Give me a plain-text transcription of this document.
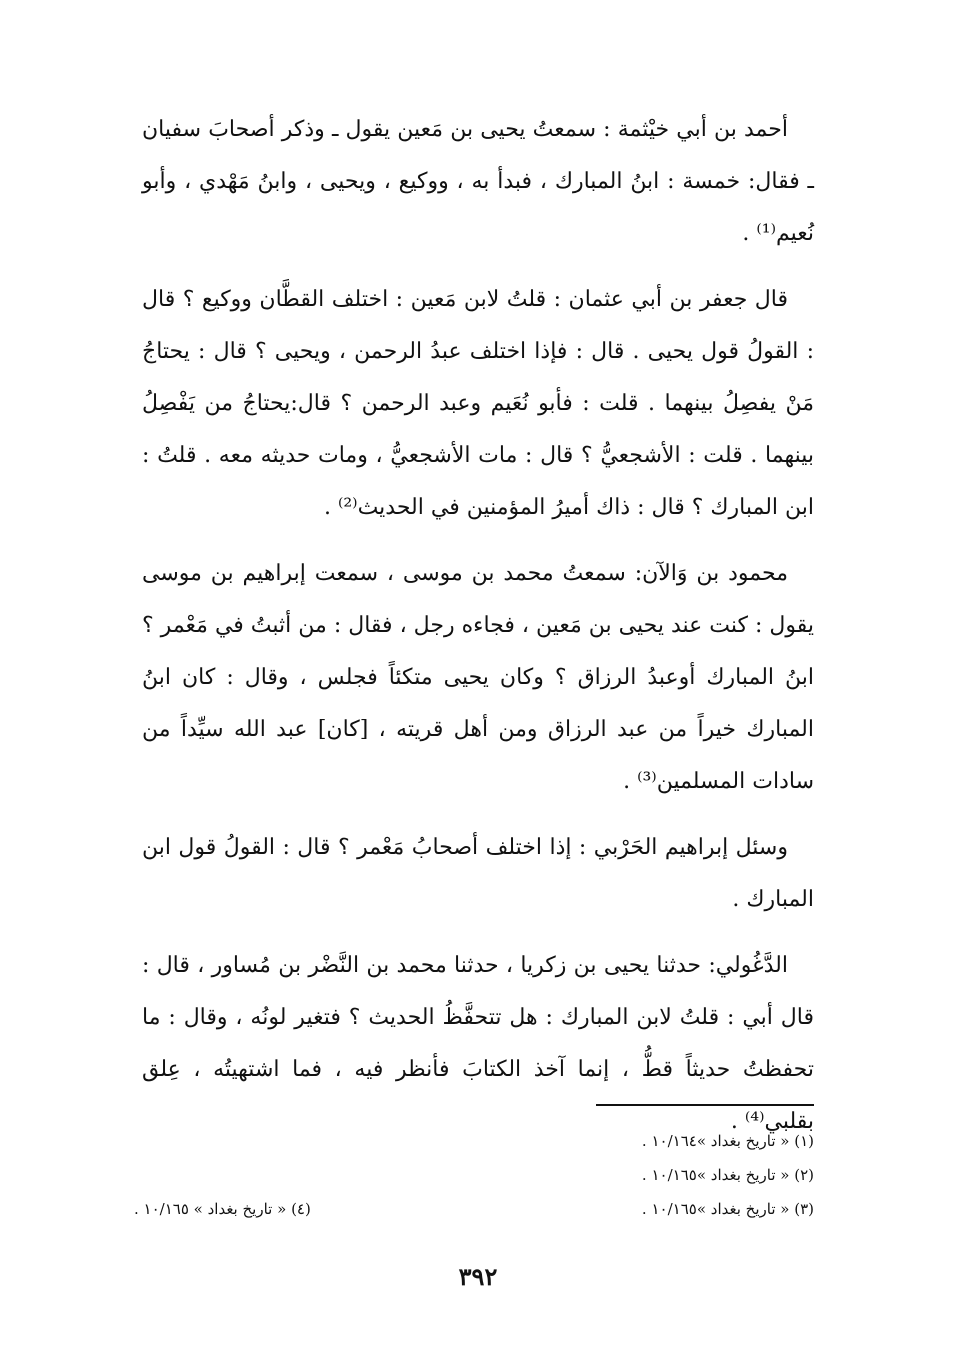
أحمد بن أبي خيْثمة : سمعتُ يحيى بن مَعين يقول ـ وذكر أصحابَ سفيان ـ فقال: خمسة : ابنُ المبارك ، فبدأ به ، ووكيع ، ويحيى ، وابنُ مَهْدي ، وأبو نُعيم⁽¹⁾ .

قال جعفر بن أبي عثمان : قلتُ لابن مَعين : اختلف القطَّان ووكيع ؟ قال : القولُ قول يحيى . قال : فإذا اختلف عبدُ الرحمن ، ويحيى ؟ قال : يحتاجُ مَنْ يفصِلُ بينهما . قلت : فأبو نُعَيم وعبد الرحمن ؟ قال:يحتاجُ من يَفْصِلُ بينهما . قلت : الأشجعيُّ ؟ قال : مات الأشجعيُّ ، ومات حديثه معه . قلتُ : ابن المبارك ؟ قال : ذاك أميرُ المؤمنين في الحديث⁽²⁾ .

محمود بن وَالآن: سمعتُ محمد بن موسى ، سمعت إبراهيم بن موسى يقول : كنت عند يحيى بن مَعين ، فجاءه رجل ، فقال : من أثبتُ في مَعْمر ؟ ابنُ المبارك أوعبدُ الرزاق ؟ وكان يحيى متكئاً فجلس ، وقال : كان ابنُ المبارك خيراً من عبد الرزاق ومن أهل قريته ، [كان] عبد الله سيِّداً من سادات المسلمين⁽³⁾ .

وسئل إبراهيم الحَرْبي : إذا اختلف أصحابُ مَعْمر ؟ قال : القولُ قول ابن المبارك .

الدَّغُولي: حدثنا يحيى بن زكريا ، حدثنا محمد بن النَّضْر بن مُساور ، قال : قال أبي : قلتُ لابن المبارك : هل تتحفَّظُ الحديث ؟ فتغير لونُه ، وقال : ما تحفظتُ حديثاً قطُّ ، إنما آخذ الكتابَ فأنظر فيه ، فما اشتهيتُه ، عِلق بقلبي⁽⁴⁾ .

(١) « تاريخ بغداد »١٠/١٦٤ .
(٢) « تاريخ بغداد »١٠/١٦٥ .
(٣) « تاريخ بغداد »١٠/١٦٥ .
(٤) « تاريخ بغداد » ١٠/١٦٥ .
٣٩٢
